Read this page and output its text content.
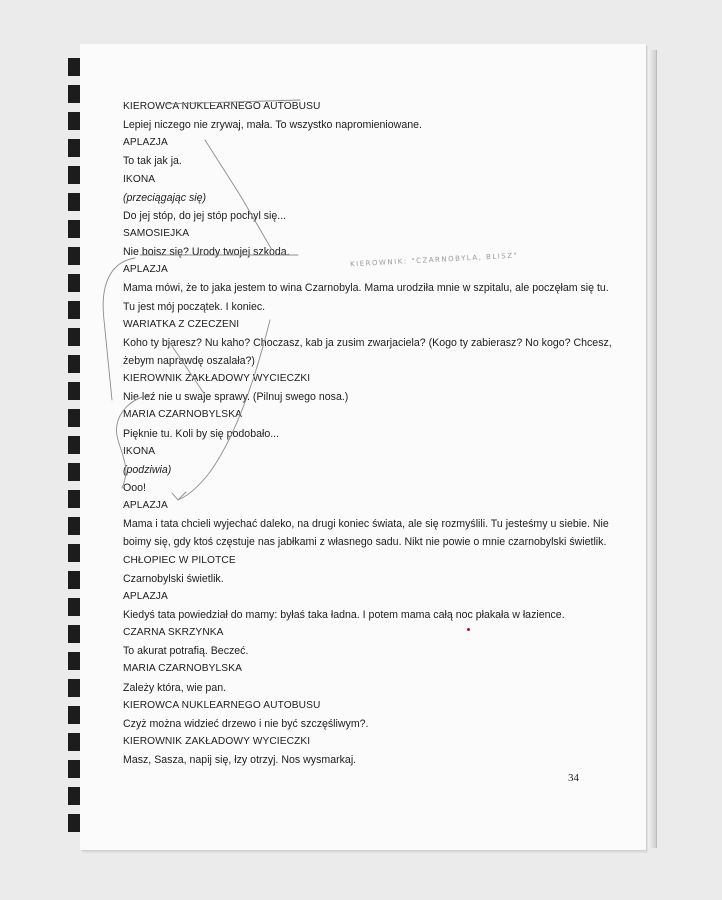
KIEROWCA NUKLEARNEGO AUTOBUSU
Lepiej niczego nie zrywaj, mała. To wszystko napromieniowane.
APLAZJA
To tak jak ja.
IKONA
(przeciągając się)
Do jej stóp, do jej stóp pochyl się...
SAMOSIEJKA
Nie boisz się? Urody twojej szkoda.
APLAZJA
Mama mówi, że to jaka jestem to wina Czarnobyla. Mama urodziła mnie w szpitalu, ale poczęłam się tu.
Tu jest mój początek. I koniec.
WARIATKA Z CZECZENI
Koho ty bjaresz? Nu kaho? Choczasz, kab ja zusim zwarjaciela? (Kogo ty zabierasz? No kogo? Chcesz,
żebym naprawdę oszalała?)
KIEROWNIK ZAKŁADOWY WYCIECZKI
Nie leź nie u swaje sprawy. (Pilnuj swego nosa.)
MARIA CZARNOBYLSKA
Pięknie tu. Koli by się podobało...
IKONA
(podziwia)
Ooo!
APLAZJA
Mama i tata chcieli wyjechać daleko, na drugi koniec świata, ale się rozmyślili. Tu jesteśmy u siebie. Nie
boimy się, gdy ktoś częstuje nas jabłkami z własnego sadu. Nikt nie powie o mnie czarnobylski świetlik.
CHŁOPIEC W PILOTCE
Czarnobylski świetlik.
APLAZJA
Kiedyś tata powiedział do mamy: byłaś taka ładna. I potem mama całą noc płakała w łazience.
CZARNA SKRZYNKA
To akurat potrafią. Beczeć.
MARIA CZARNOBYLSKA
Zależy która, wie pan.
KIEROWCA NUKLEARNEGO AUTOBUSU
Czyż można widzieć drzewo i nie być szczęśliwym?.
KIEROWNIK ZAKŁADOWY WYCIECZKI
Masz, Sasza, napij się, łzy otrzyj. Nos wysmarkaj.
KIEROWNIK: "CZARNOBYLA, BLISZ"
34
